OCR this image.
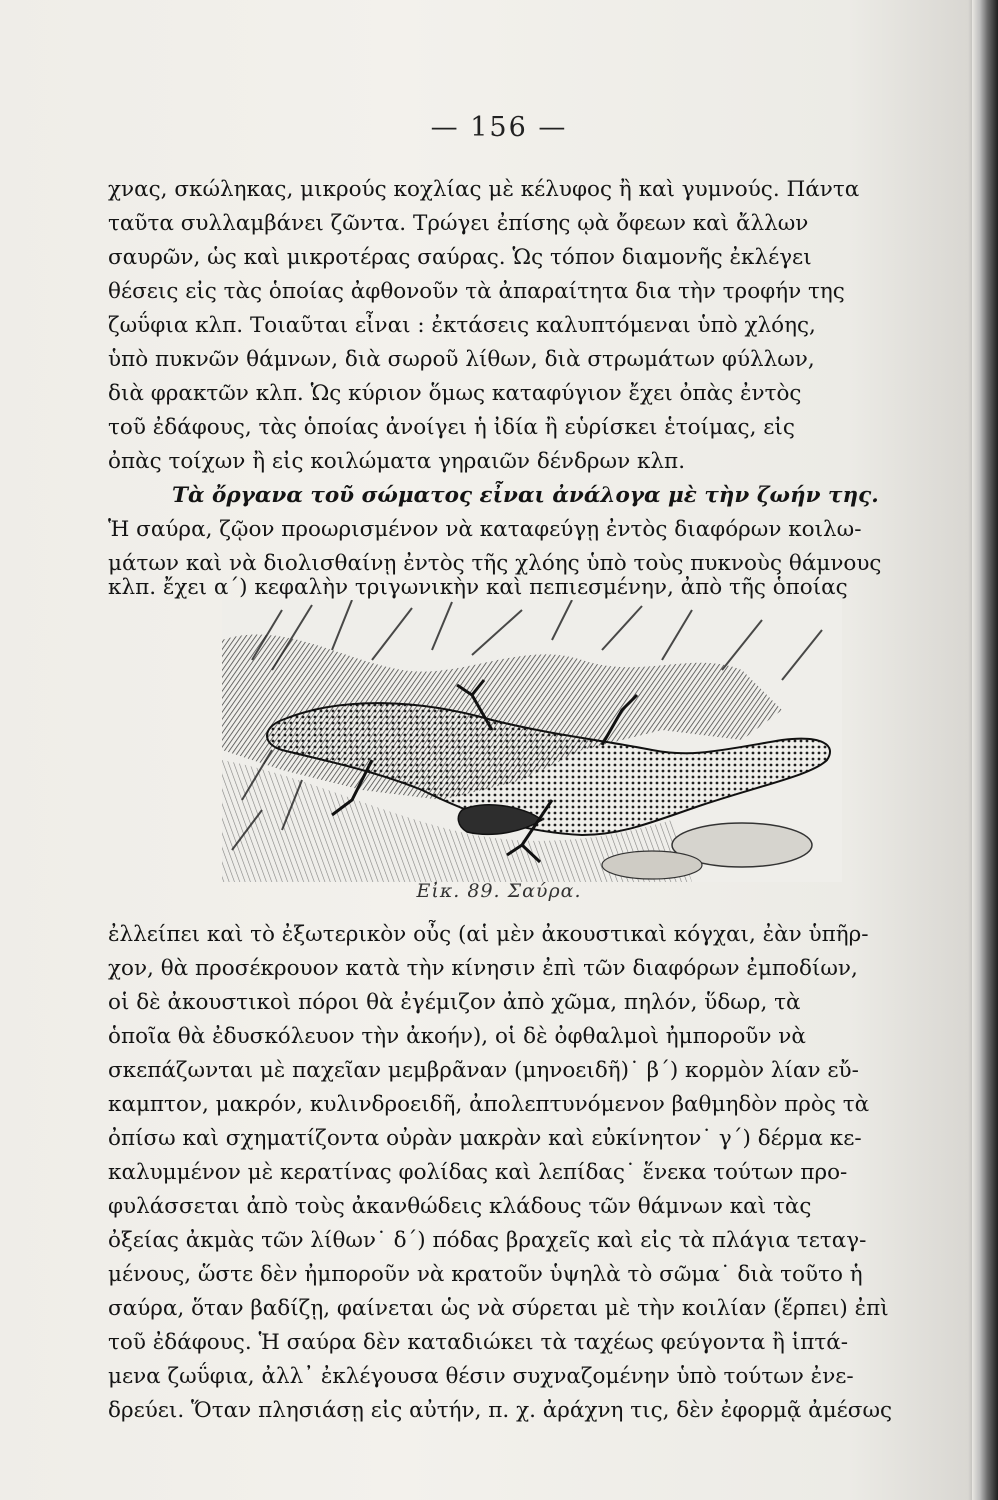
— 156 —
χνας, σκώληκας, μικρούς κοχλίας μὲ κέλυφος ἢ καὶ γυμνούς. Πάντα
ταῦτα συλλαμβάνει ζῶντα. Τρώγει ἐπίσης ῳὰ ὄφεων καὶ ἄλλων
σαυρῶν, ὡς καὶ μικροτέρας σαύρας. Ὡς τόπον διαμονῆς ἐκλέγει
θέσεις εἰς τὰς ὁποίας ἀφθονοῦν τὰ ἀπαραίτητα δια τὴν τροφήν της
ζωΰφια κλπ. Τοιαῦται εἶναι : ἐκτάσεις καλυπτόμεναι ὑπὸ χλόης,
ὑπὸ πυκνῶν θάμνων, διὰ σωροῦ λίθων, διὰ στρωμάτων φύλλων,
διὰ φρακτῶν κλπ. Ὡς κύριον ὅμως καταφύγιον ἔχει ὀπὰς ἐντὸς
τοῦ ἐδάφους, τὰς ὁποίας ἀνοίγει ἡ ἰδία ἢ εὑρίσκει ἑτοίμας, εἰς
ὀπὰς τοίχων ἢ εἰς κοιλώματα γηραιῶν δένδρων κλπ.
Τὰ ὄργανα τοῦ σώματος εἶναι ἀνάλογα μὲ τὴν ζωήν της.
Ἡ σαύρα, ζῷον προωρισμένον νὰ καταφεύγῃ ἐντὸς διαφόρων κοιλω-
μάτων καὶ νὰ διολισθαίνῃ ἐντὸς τῆς χλόης ὑπὸ τοὺς πυκνοὺς θάμνους
κλπ. ἔχει α΄) κεφαλὴν τριγωνικὴν καὶ πεπιεσμένην, ἀπὸ τῆς ὁποίας
Εἰκ. 89. Σαύρα.
ἐλλείπει καὶ τὸ ἐξωτερικὸν οὖς (αἱ μὲν ἀκουστικαὶ κόγχαι, ἐὰν ὑπῆρ-
χον, θὰ προσέκρουον κατὰ τὴν κίνησιν ἐπὶ τῶν διαφόρων ἐμποδίων,
οἱ δὲ ἀκουστικοὶ πόροι θὰ ἐγέμιζον ἀπὸ χῶμα, πηλόν, ὕδωρ, τὰ
ὁποῖα θὰ ἐδυσκόλευον τὴν ἀκοήν), οἱ δὲ ὀφθαλμοὶ ἠμποροῦν νὰ
σκεπάζωνται μὲ παχεῖαν μεμβρᾶναν (μηνοειδῆ)˙ β΄) κορμὸν λίαν εὔ-
καμπτον, μακρόν, κυλινδροειδῆ, ἀπολεπτυνόμενον βαθμηδὸν πρὸς τὰ
ὀπίσω καὶ σχηματίζοντα οὐρὰν μακρὰν καὶ εὐκίνητον˙ γ΄) δέρμα κε-
καλυμμένον μὲ κερατίνας φολίδας καὶ λεπίδας˙ ἕνεκα τούτων προ-
φυλάσσεται ἀπὸ τοὺς ἀκανθώδεις κλάδους τῶν θάμνων καὶ τὰς
ὀξείας ἀκμὰς τῶν λίθων˙ δ΄) πόδας βραχεῖς καὶ εἰς τὰ πλάγια τεταγ-
μένους, ὥστε δὲν ἠμποροῦν νὰ κρατοῦν ὑψηλὰ τὸ σῶμα˙ διὰ τοῦτο ἡ
σαύρα, ὅταν βαδίζῃ, φαίνεται ὡς νὰ σύρεται μὲ τὴν κοιλίαν (ἕρπει) ἐπὶ
τοῦ ἐδάφους. Ἡ σαύρα δὲν καταδιώκει τὰ ταχέως φεύγοντα ἢ ἱπτά-
μενα ζωΰφια, ἀλλ᾿ ἐκλέγουσα θέσιν συχναζομένην ὑπὸ τούτων ἐνε-
δρεύει. Ὅταν πλησιάσῃ εἰς αὐτήν, π. χ. ἀράχνη τις, δὲν ἐφορμᾷ ἀμέσως
